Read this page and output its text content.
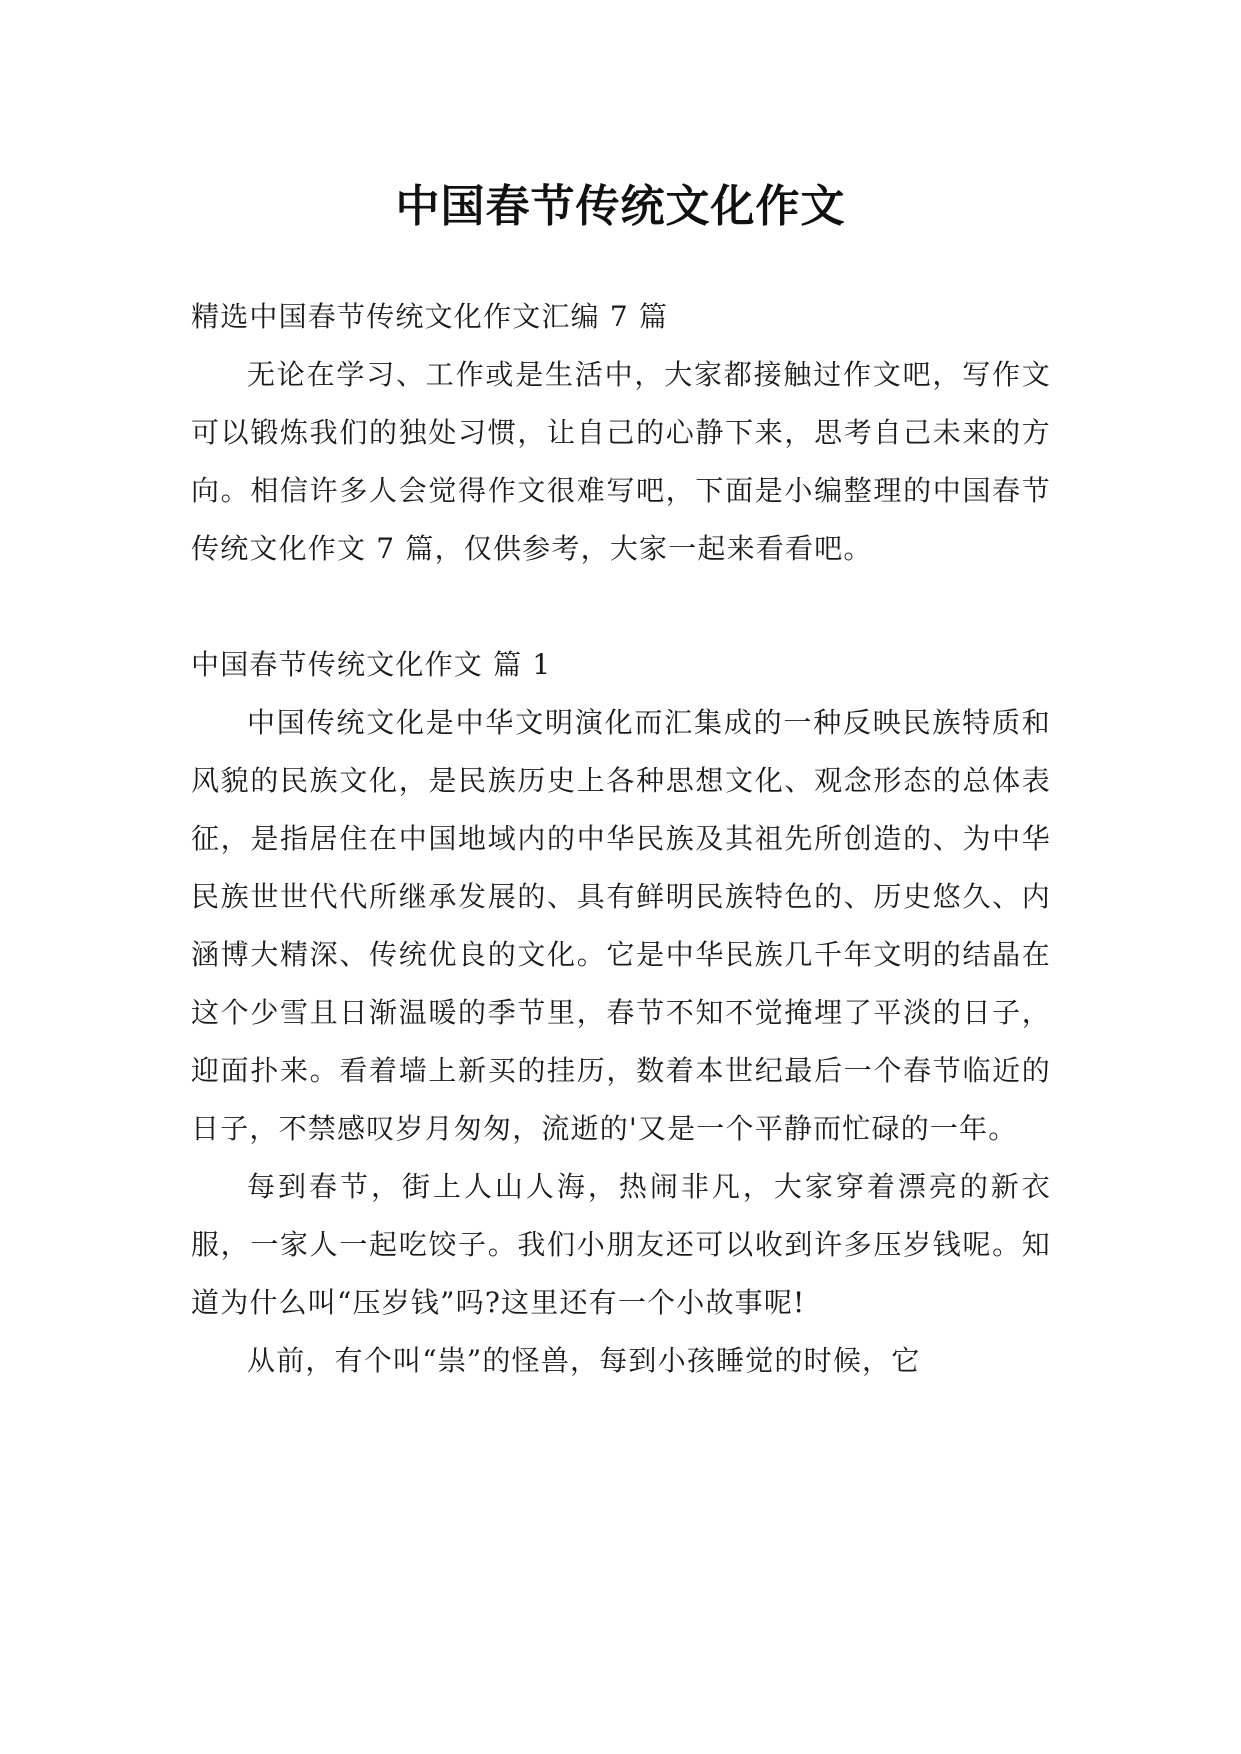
中国春节传统文化作文

精选中国春节传统文化作文汇编 7 篇

无论在学习、工作或是生活中，大家都接触过作文吧，写作文可以锻炼我们的独处习惯，让自己的心静下来，思考自己未来的方向。相信许多人会觉得作文很难写吧，下面是小编整理的中国春节传统文化作文 7 篇，仅供参考，大家一起来看看吧。

中国春节传统文化作文 篇 1

中国传统文化是中华文明演化而汇集成的一种反映民族特质和风貌的民族文化，是民族历史上各种思想文化、观念形态的总体表征，是指居住在中国地域内的中华民族及其祖先所创造的、为中华民族世世代代所继承发展的、具有鲜明民族特色的、历史悠久、内涵博大精深、传统优良的文化。它是中华民族几千年文明的结晶在这个少雪且日渐温暖的季节里，春节不知不觉掩埋了平淡的日子，迎面扑来。看着墙上新买的挂历，数着本世纪最后一个春节临近的日子，不禁感叹岁月匆匆，流逝的'又是一个平静而忙碌的一年。

每到春节，街上人山人海，热闹非凡，大家穿着漂亮的新衣服，一家人一起吃饺子。我们小朋友还可以收到许多压岁钱呢。知道为什么叫“压岁钱”吗?这里还有一个小故事呢!

从前，有个叫“祟”的怪兽，每到小孩睡觉的时候，它
